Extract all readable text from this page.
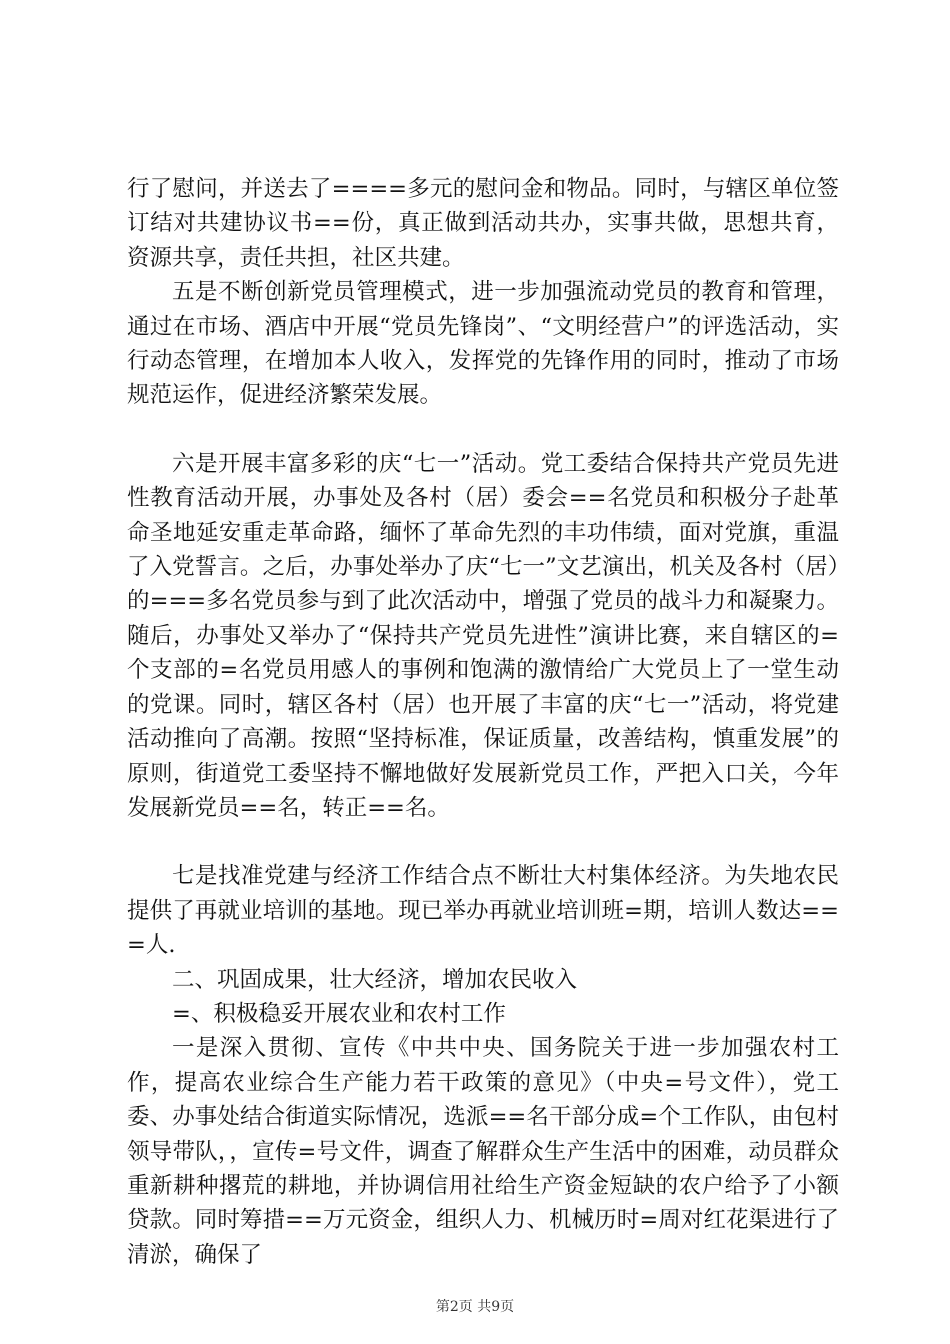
行了慰问，并送去了====多元的慰问金和物品。同时，与辖区单位签订结对共建协议书==份，真正做到活动共办，实事共做，思想共育，资源共享，责任共担，社区共建。

五是不断创新党员管理模式，进一步加强流动党员的教育和管理，通过在市场、酒店中开展“党员先锋岗”、“文明经营户”的评选活动，实行动态管理，在增加本人收入，发挥党的先锋作用的同时，推动了市场规范运作，促进经济繁荣发展。

六是开展丰富多彩的庆“七一”活动。党工委结合保持共产党员先进性教育活动开展，办事处及各村（居）委会==名党员和积极分子赴革命圣地延安重走革命路，缅怀了革命先烈的丰功伟绩，面对党旗，重温了入党誓言。之后，办事处举办了庆“七一”文艺演出，机关及各村（居）的===多名党员参与到了此次活动中，增强了党员的战斗力和凝聚力。随后，办事处又举办了“保持共产党员先进性”演讲比赛，来自辖区的=个支部的=名党员用感人的事例和饱满的激情给广大党员上了一堂生动的党课。同时，辖区各村（居）也开展了丰富的庆“七一”活动，将党建活动推向了高潮。按照“坚持标准，保证质量，改善结构，慎重发展”的原则，街道党工委坚持不懈地做好发展新党员工作，严把入口关，今年发展新党员==名，转正==名。

七是找准党建与经济工作结合点不断壮大村集体经济。为失地农民提供了再就业培训的基地。现已举办再就业培训班=期，培训人数达===人.

二、巩固成果，壮大经济，增加农民收入

=、积极稳妥开展农业和农村工作

一是深入贯彻、宣传《中共中央、国务院关于进一步加强农村工作，提高农业综合生产能力若干政策的意见》（中央=号文件），党工委、办事处结合街道实际情况，选派==名干部分成=个工作队，由包村领导带队，，宣传=号文件，调查了解群众生产生活中的困难，动员群众重新耕种撂荒的耕地，并协调信用社给生产资金短缺的农户给予了小额贷款。同时筹措==万元资金，组织人力、机械历时=周对红花渠进行了清淤，确保了

第2页 共9页
